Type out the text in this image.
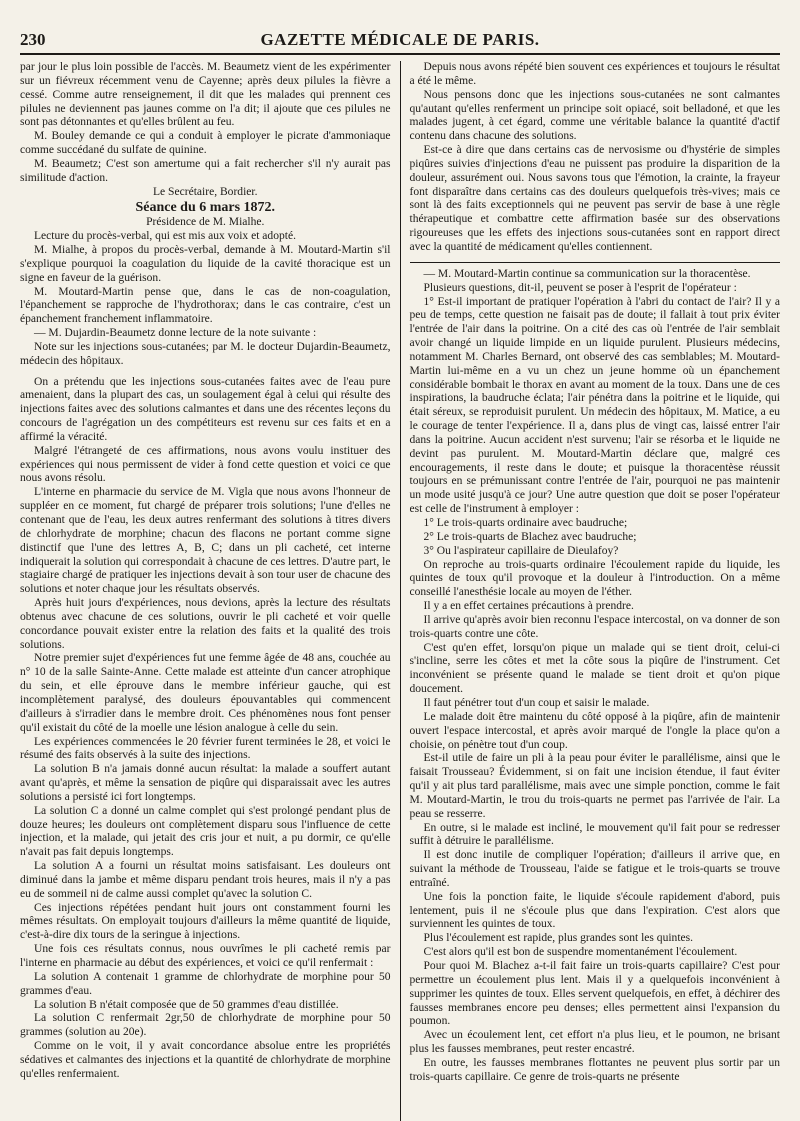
230	GAZETTE MÉDICALE DE PARIS.

par jour le plus loin possible de l'accès. M. Beaumetz vient de les expérimenter sur un fiévreux récemment venu de Cayenne; après deux pilules la fièvre a cessé. Comme autre renseignement, il dit que les malades qui prennent ces pilules ne deviennent pas jaunes comme on l'a dit; il ajoute que ces pilules ne sont pas détonnantes et qu'elles brûlent au feu.

M. Bouley demande ce qui a conduit à employer le picrate d'ammoniaque comme succédané du sulfate de quinine.

M. Beaumetz; C'est son amertume qui a fait rechercher s'il n'y aurait pas similitude d'action.

Le Secrétaire, Bordier.

Séance du 6 mars 1872.

Présidence de M. Mialhe.

Lecture du procès-verbal, qui est mis aux voix et adopté.

M. Mialhe, à propos du procès-verbal, demande à M. Moutard-Martin s'il s'explique pourquoi la coagulation du liquide de la cavité thoracique est un signe en faveur de la guérison.

M. Moutard-Martin pense que, dans le cas de non-coagulation, l'épanchement se rapproche de l'hydrothorax; dans le cas contraire, c'est un épanchement franchement inflammatoire.

— M. Dujardin-Beaumetz donne lecture de la note suivante :

Note sur les injections sous-cutanées; par M. le docteur Dujardin-Beaumetz, médecin des hôpitaux.

On a prétendu que les injections sous-cutanées faites avec de l'eau pure amenaient, dans la plupart des cas, un soulagement égal à celui qui résulte des injections faites avec des solutions calmantes et dans une des récentes leçons du concours de l'agrégation un des compétiteurs est revenu sur ces faits et en a affirmé la véracité.

Malgré l'étrangeté de ces affirmations, nous avons voulu instituer des expériences qui nous permissent de vider à fond cette question et voici ce que nous avons résolu.

L'interne en pharmacie du service de M. Vigla que nous avons l'honneur de suppléer en ce moment, fut chargé de préparer trois solutions; l'une d'elles ne contenant que de l'eau, les deux autres renfermant des solutions à titres divers de chlorhydrate de morphine; chacun des flacons ne portant comme signe distinctif que l'une des lettres A, B, C; dans un pli cacheté, cet interne indiquerait la solution qui correspondait à chacune de ces lettres. D'autre part, le stagiaire chargé de pratiquer les injections devait à son tour user de chacune des solutions et noter chaque jour les résultats observés.

Après huit jours d'expériences, nous devions, après la lecture des résultats obtenus avec chacune de ces solutions, ouvrir le pli cacheté et voir quelle concordance pouvait exister entre la relation des faits et la qualité des trois solutions.

Notre premier sujet d'expériences fut une femme âgée de 48 ans, couchée au n° 10 de la salle Sainte-Anne. Cette malade est atteinte d'un cancer atrophique du sein, et elle éprouve dans le membre inférieur gauche, qui est incomplètement paralysé, des douleurs épouvantables qui commencent d'ailleurs à s'irradier dans le membre droit. Ces phénomènes nous font penser qu'il existait du côté de la moelle une lésion analogue à celle du sein.

Les expériences commencées le 20 février furent terminées le 28, et voici le résumé des faits observés à la suite des injections.

La solution B n'a jamais donné aucun résultat: la malade a souffert autant avant qu'après, et même la sensation de piqûre qui disparaissait avec les autres solutions a persisté ici fort longtemps.

La solution C a donné un calme complet qui s'est prolongé pendant plus de douze heures; les douleurs ont complètement disparu sous l'influence de cette injection, et la malade, qui jetait des cris jour et nuit, a pu dormir, ce qu'elle n'avait pas fait depuis longtemps.

La solution A a fourni un résultat moins satisfaisant. Les douleurs ont diminué dans la jambe et même disparu pendant trois heures, mais il n'y a pas eu de sommeil ni de calme aussi complet qu'avec la solution C.

Ces injections répétées pendant huit jours ont constamment fourni les mêmes résultats. On employait toujours d'ailleurs la même quantité de liquide, c'est-à-dire dix tours de la seringue à injections.

Une fois ces résultats connus, nous ouvrîmes le pli cacheté remis par l'interne en pharmacie au début des expériences, et voici ce qu'il renfermait :

La solution A contenait 1 gramme de chlorhydrate de morphine pour 50 grammes d'eau.

La solution B n'était composée que de 50 grammes d'eau distillée.

La solution C renfermait 2gr,50 de chlorhydrate de morphine pour 50 grammes (solution au 20e).

Comme on le voit, il y avait concordance absolue entre les propriétés sédatives et calmantes des injections et la quantité de chlorhydrate de morphine qu'elles renfermaient.

Depuis nous avons répété bien souvent ces expériences et toujours le résultat a été le même.

Nous pensons donc que les injections sous-cutanées ne sont calmantes qu'autant qu'elles renferment un principe soit opiacé, soit belladoné, et que les malades jugent, à cet égard, comme une véritable balance la quantité d'actif contenu dans chacune des solutions.

Est-ce à dire que dans certains cas de nervosisme ou d'hystérie de simples piqûres suivies d'injections d'eau ne puissent pas produire la disparition de la douleur, assurément oui. Nous savons tous que l'émotion, la crainte, la frayeur font disparaître dans certains cas des douleurs quelquefois très-vives; mais ce sont là des faits exceptionnels qui ne peuvent pas servir de base à une règle thérapeutique et combattre cette affirmation basée sur des observations rigoureuses que les effets des injections sous-cutanées sont en rapport direct avec la quantité de médicament qu'elles contiennent.

— M. Moutard-Martin continue sa communication sur la thoracentèse.

Plusieurs questions, dit-il, peuvent se poser à l'esprit de l'opérateur :

1° Est-il important de pratiquer l'opération à l'abri du contact de l'air? Il y a peu de temps, cette question ne faisait pas de doute; il fallait à tout prix éviter l'entrée de l'air dans la poitrine. On a cité des cas où l'entrée de l'air semblait avoir changé un liquide limpide en un liquide purulent. Plusieurs médecins, notamment M. Charles Bernard, ont observé des cas semblables; M. Moutard-Martin lui-même en a vu un chez un jeune homme où un épanchement considérable bombait le thorax en avant au moment de la toux. Dans une de ces inspirations, la baudruche éclata; l'air pénétra dans la poitrine et le liquide, qui était séreux, se reproduisit purulent. Un médecin des hôpitaux, M. Matice, a eu le courage de tenter l'expérience. Il a, dans plus de vingt cas, laissé entrer l'air dans la poitrine. Aucun accident n'est survenu; l'air se résorba et le liquide ne devint pas purulent. M. Moutard-Martin déclare que, malgré ces encouragements, il reste dans le doute; et puisque la thoracentèse réussit toujours en se prémunissant contre l'entrée de l'air, pourquoi ne pas maintenir un mode usité jusqu'à ce jour? Une autre question que doit se poser l'opérateur est celle de l'instrument à employer :

1° Le trois-quarts ordinaire avec baudruche;

2° Le trois-quarts de Blachez avec baudruche;

3° Ou l'aspirateur capillaire de Dieulafoy?

On reproche au trois-quarts ordinaire l'écoulement rapide du liquide, les quintes de toux qu'il provoque et la douleur à l'introduction. On a même conseillé l'anesthésie locale au moyen de l'éther.

Il y a en effet certaines précautions à prendre.

Il arrive qu'après avoir bien reconnu l'espace intercostal, on va donner de son trois-quarts contre une côte.

C'est qu'en effet, lorsqu'on pique un malade qui se tient droit, celui-ci s'incline, serre les côtes et met la côte sous la piqûre de l'instrument. Cet inconvénient se présente quand le malade se tient droit et qu'on pique doucement.

Il faut pénétrer tout d'un coup et saisir le malade.

Le malade doit être maintenu du côté opposé à la piqûre, afin de maintenir ouvert l'espace intercostal, et après avoir marqué de l'ongle la place qu'on a choisie, on pénètre tout d'un coup.

Est-il utile de faire un pli à la peau pour éviter le parallélisme, ainsi que le faisait Trousseau? Évidemment, si on fait une incision étendue, il faut éviter qu'il y ait plus tard parallélisme, mais avec une simple ponction, comme le fait M. Moutard-Martin, le trou du trois-quarts ne permet pas l'arrivée de l'air. La peau se resserre.

En outre, si le malade est incliné, le mouvement qu'il fait pour se redresser suffit à détruire le parallélisme.

Il est donc inutile de compliquer l'opération; d'ailleurs il arrive que, en suivant la méthode de Trousseau, l'aide se fatigue et le trois-quarts se trouve entraîné.

Une fois la ponction faite, le liquide s'écoule rapidement d'abord, puis lentement, puis il ne s'écoule plus que dans l'expiration. C'est alors que surviennent les quintes de toux.

Plus l'écoulement est rapide, plus grandes sont les quintes.

C'est alors qu'il est bon de suspendre momentanément l'écoulement.

Pour quoi M. Blachez a-t-il fait faire un trois-quarts capillaire? C'est pour permettre un écoulement plus lent. Mais il y a quelquefois inconvénient à supprimer les quintes de toux. Elles servent quelquefois, en effet, à déchirer des fausses membranes encore peu denses; elles permettent ainsi l'expansion du poumon.

Avec un écoulement lent, cet effort n'a plus lieu, et le poumon, ne brisant plus les fausses membranes, peut rester encastré.

En outre, les fausses membranes flottantes ne peuvent plus sortir par un trois-quarts capillaire. Ce genre de trois-quarts ne présente
